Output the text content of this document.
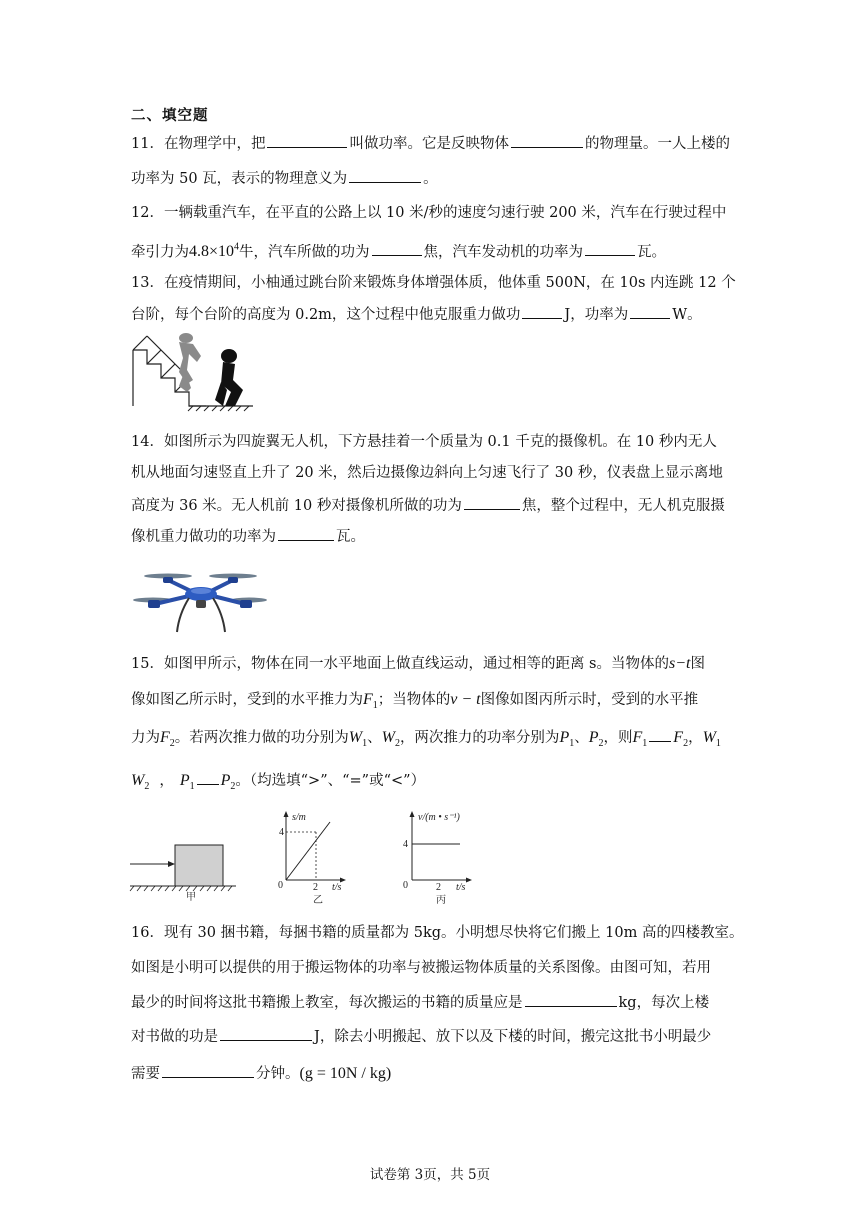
二、填空题
11．在物理学中，把	叫做功率。它是反映物体	的物理量。一人上楼的
功率为 50 瓦，表示的物理意义为	。
12．一辆载重汽车，在平直的公路上以 10 米/秒的速度匀速行驶 200 米，汽车在行驶过程中
牵引力为$4.8\times 10^4$牛，汽车所做的功为	焦，汽车发动机的功率为	瓦。
13．在疫情期间，小柚通过跳台阶来锻炼身体增强体质，他体重 500N，在 10s 内连跳 12 个
台阶，每个台阶的高度为 0.2m，这个过程中他克服重力做功	J，功率为	W。
14．如图所示为四旋翼无人机，下方悬挂着一个质量为 0.1 千克的摄像机。在 10 秒内无人
机从地面匀速竖直上升了 20 米，然后边摄像边斜向上匀速飞行了 30 秒，仪表盘上显示离地
高度为 36 米。无人机前 10 秒对摄像机所做的功为	焦，整个过程中，无人机克服摄
像机重力做功的功率为	瓦。
15．如图甲所示，物体在同一水平地面上做直线运动，通过相等的距离 s。当物体的s−t图
像如图乙所示时，受到的水平推力为$F_1$；当物体的v − t图像如图丙所示时，受到的水平推
力为$F_2$。若两次推力做的功分别为$W_1$、$W_2$，两次推力的功率分别为$P_1$、$P_2$，则$F_1$ $F_2$，$W_1$
$W_2$ ， $P_1$ $P_2$。（均选填“>”、“=”或“<”）
甲
s/m
4
0	2 t/s
乙
v/(m • s⁻¹)
4
0	2 t/s
丙
16．现有 30 捆书籍，每捆书籍的质量都为 5kg。小明想尽快将它们搬上 10m 高的四楼教室。
如图是小明可以提供的用于搬运物体的功率与被搬运物体质量的关系图像。由图可知，若用
最少的时间将这批书籍搬上教室，每次搬运的书籍的质量应是	kg，每次上楼
对书做的功是	J，除去小明搬起、放下以及下楼的时间，搬完这批书小明最少
需要	分钟。(g = 10N / kg)
试卷第 3页，共 5页
